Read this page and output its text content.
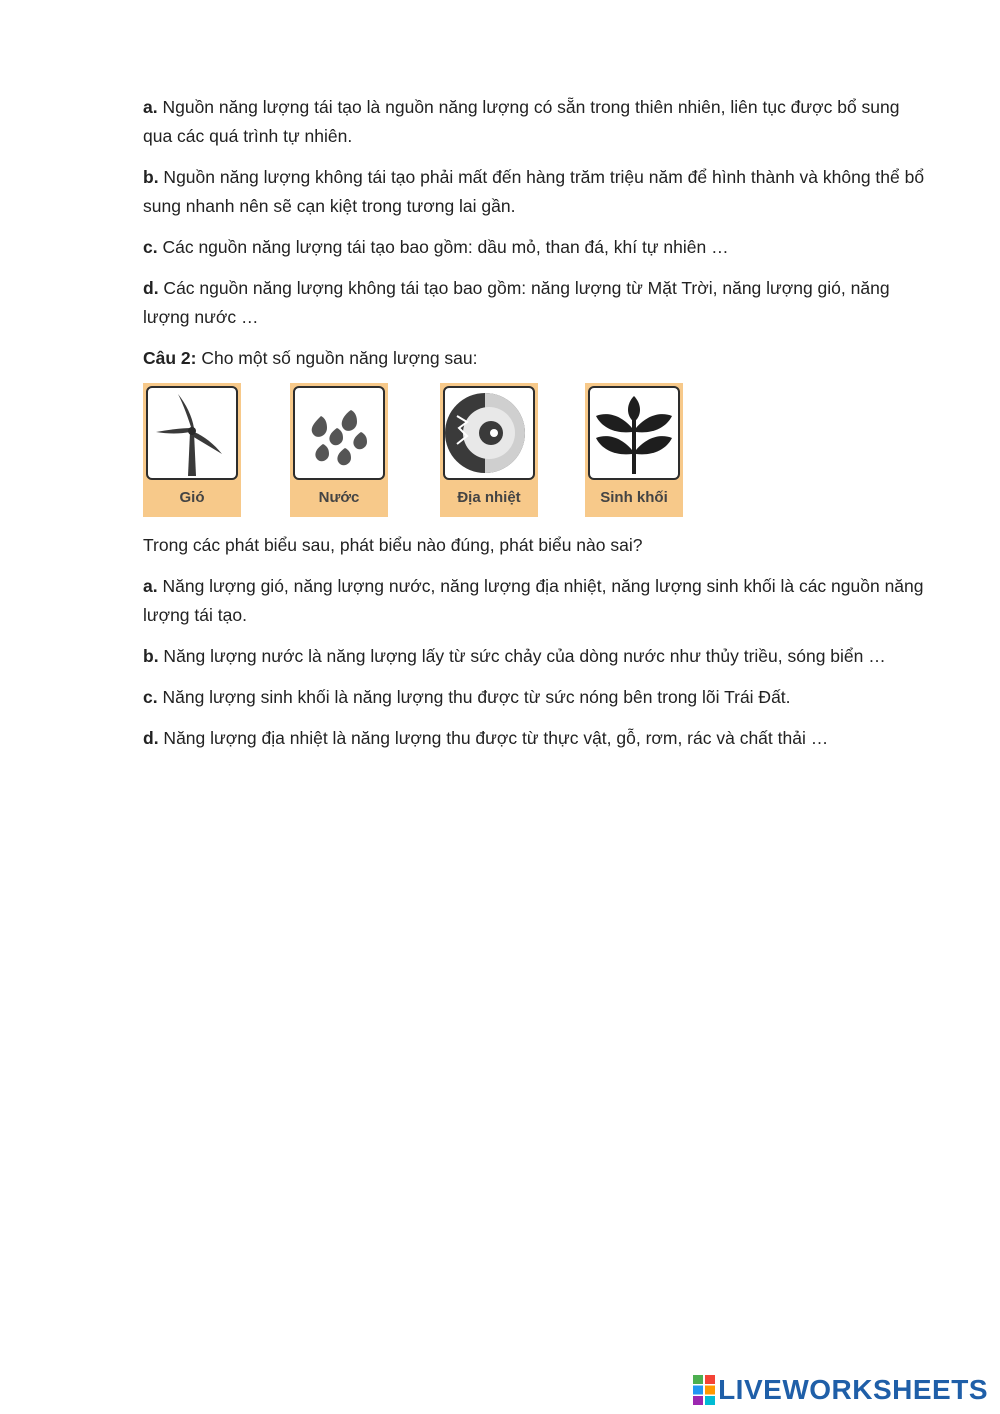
a. Nguồn năng lượng tái tạo là nguồn năng lượng có sẵn trong thiên nhiên, liên tục được bổ sung qua các quá trình tự nhiên.

b. Nguồn năng lượng không tái tạo phải mất đến hàng trăm triệu năm để hình thành và không thể bổ sung nhanh nên sẽ cạn kiệt trong tương lai gần.

c. Các nguồn năng lượng tái tạo bao gồm: dầu mỏ, than đá, khí tự nhiên …

d. Các nguồn năng lượng không tái tạo bao gồm: năng lượng từ Mặt Trời, năng lượng gió, năng lượng nước …

Câu 2: Cho một số nguồn năng lượng sau:

Gió	Nước	Địa nhiệt	Sinh khối

Trong các phát biểu sau, phát biểu nào đúng, phát biểu nào sai?

a. Năng lượng gió, năng lượng nước, năng lượng địa nhiệt, năng lượng sinh khối là các nguồn năng lượng tái tạo.

b. Năng lượng nước là năng lượng lấy từ sức chảy của dòng nước như thủy triều, sóng biển …

c. Năng lượng sinh khối là năng lượng thu được từ sức nóng bên trong lõi Trái Đất.

d. Năng lượng địa nhiệt là năng lượng thu được từ thực vật, gỗ, rơm, rác và chất thải …

LIVEWORKSHEETS
